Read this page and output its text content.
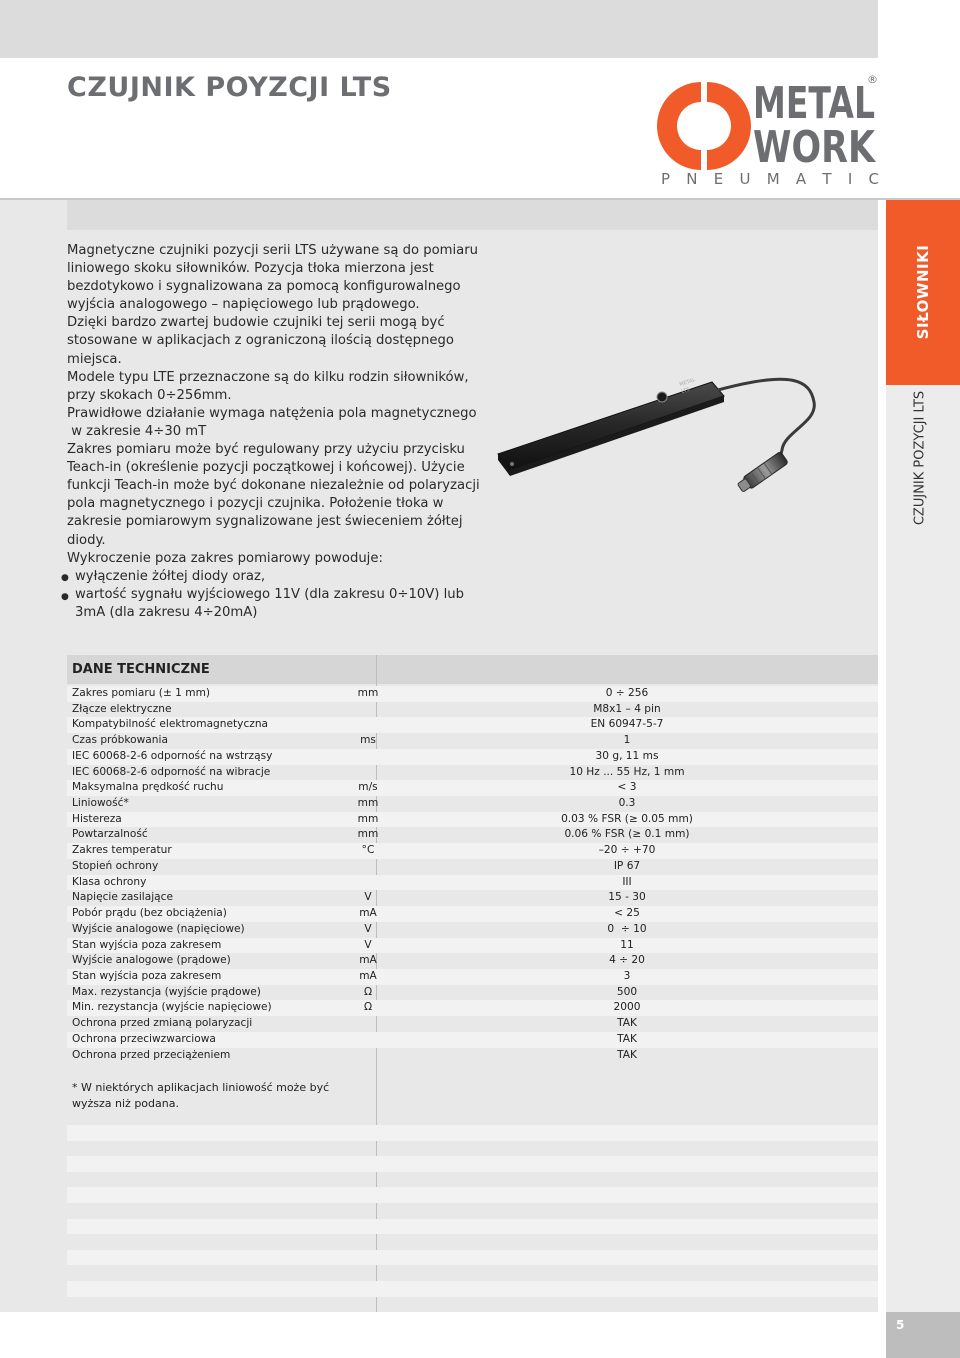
CZUJNIK POYZCJI LTS	METAL
WORK
®
P N E U M A T I C
SIŁOWNIKI
CZUJNIK POZYCJI LTS

Magnetyczne czujniki pozycji serii LTS używane są do pomiaru liniowego skoku siłowników. Pozycja tłoka mierzona jest bezdotykowo i sygnalizowana za pomocą konfigurowalnego wyjścia analogowego – napięciowego lub prądowego.

Dzięki bardzo zwartej budowie czujniki tej serii mogą być stosowane w aplikacjach z ograniczoną ilością dostępnego miejsca.

Modele typu LTE przeznaczone są do kilku rodzin siłowników, przy skokach 0÷256mm.

Prawidłowe działanie wymaga natężenia pola magnetycznego

w zakresie 4÷30 mT

Zakres pomiaru może być regulowany przy użyciu przycisku Teach-in (określenie pozycji początkowej i końcowej). Użycie funkcji Teach-in może być dokonane niezależnie od polaryzacji pola magnetycznego i pozycji czujnika. Położenie tłoka w zakresie pomiarowym sygnalizowane jest świeceniem żółtej diody.

Wykroczenie poza zakres pomiarowy powoduje:

● wyłączenie żółtej diody oraz,

● wartość sygnału wyjściowego 11V (dla zakresu 0÷10V) lub 3mA (dla zakresu 4÷20mA)

METAL
LTS
DANE TECHNICZNE
Zakres pomiaru (± 1 mm)	mm	0 ÷ 256
Złącze elektryczne	M8x1 – 4 pin
Kompatybilność elektromagnetyczna	EN 60947-5-7
Czas próbkowania	ms	1
IEC 60068-2-6 odporność na wstrząsy	30 g, 11 ms
IEC 60068-2-6 odporność na wibracje	10 Hz ... 55 Hz, 1 mm
Maksymalna prędkość ruchu	m/s	< 3
Liniowość*	mm	0.3
Histereza	mm	0.03 % FSR (≥ 0.05 mm)
Powtarzalność	mm	0.06 % FSR (≥ 0.1 mm)
Zakres temperatur	°C	–20 ÷ +70
Stopień ochrony	IP 67
Klasa ochrony	III
Napięcie zasilające	V	15 - 30
Pobór prądu (bez obciążenia)	mA	< 25
Wyjście analogowe (napięciowe)	V	0  ÷ 10
Stan wyjścia poza zakresem	V	11
Wyjście analogowe (prądowe)	mA	4 ÷ 20
Stan wyjścia poza zakresem	mA	3
Max. rezystancja (wyjście prądowe)	Ω	500
Min. rezystancja (wyjście napięciowe)	Ω	2000
Ochrona przed zmianą polaryzacji	TAK
Ochrona przeciwzwarciowa	TAK
Ochrona przed przeciążeniem	TAK
* W niektórych aplikacjach liniowość może być wyższa niż podana.
5
